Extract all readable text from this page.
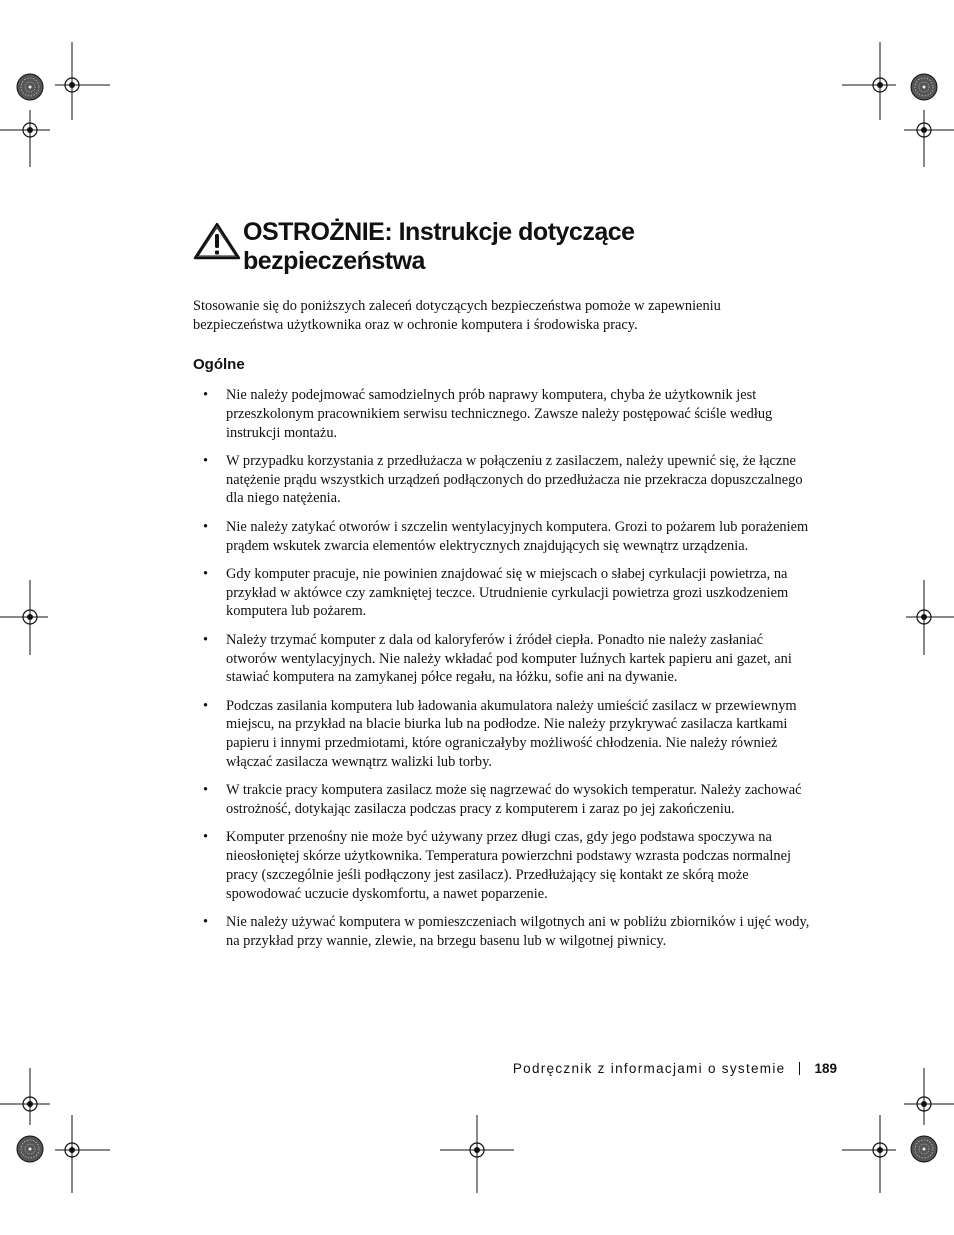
OSTROŻNIE: Instrukcje dotyczące
bezpieczeństwa

Stosowanie się do poniższych zaleceń dotyczących bezpieczeństwa pomoże w zapewnieniu bezpieczeństwa użytkownika oraz w ochronie komputera i środowiska pracy.

Ogólne
• Nie należy podejmować samodzielnych prób naprawy komputera, chyba że użytkownik jest przeszkolonym pracownikiem serwisu technicznego. Zawsze należy postępować ściśle według instrukcji montażu.
• W przypadku korzystania z przedłużacza w połączeniu z zasilaczem, należy upewnić się, że łączne natężenie prądu wszystkich urządzeń podłączonych do przedłużacza nie przekracza dopuszczalnego dla niego natężenia.
• Nie należy zatykać otworów i szczelin wentylacyjnych komputera. Grozi to pożarem lub porażeniem prądem wskutek zwarcia elementów elektrycznych znajdujących się wewnątrz urządzenia.
• Gdy komputer pracuje, nie powinien znajdować się w miejscach o słabej cyrkulacji powietrza, na przykład w aktówce czy zamkniętej teczce. Utrudnienie cyrkulacji powietrza grozi uszkodzeniem komputera lub pożarem.
• Należy trzymać komputer z dala od kaloryferów i źródeł ciepła. Ponadto nie należy zasłaniać otworów wentylacyjnych. Nie należy wkładać pod komputer luźnych kartek papieru ani gazet, ani stawiać komputera na zamykanej półce regału, na łóżku, sofie ani na dywanie.
• Podczas zasilania komputera lub ładowania akumulatora należy umieścić zasilacz w przewiewnym miejscu, na przykład na blacie biurka lub na podłodze. Nie należy przykrywać zasilacza kartkami papieru i innymi przedmiotami, które ograniczałyby możliwość chłodzenia. Nie należy również włączać zasilacza wewnątrz walizki lub torby.
• W trakcie pracy komputera zasilacz może się nagrzewać do wysokich temperatur. Należy zachować ostrożność, dotykając zasilacza podczas pracy z komputerem i zaraz po jej zakończeniu.
• Komputer przenośny nie może być używany przez długi czas, gdy jego podstawa spoczywa na nieosłoniętej skórze użytkownika. Temperatura powierzchni podstawy wzrasta podczas normalnej pracy (szczególnie jeśli podłączony jest zasilacz). Przedłużający się kontakt ze skórą może spowodować uczucie dyskomfortu, a nawet poparzenie.
• Nie należy używać komputera w pomieszczeniach wilgotnych ani w pobliżu zbiorników i ujęć wody, na przykład przy wannie, zlewie, na brzegu basenu lub w wilgotnej piwnicy.
Podręcznik z informacjami o systemie 189
